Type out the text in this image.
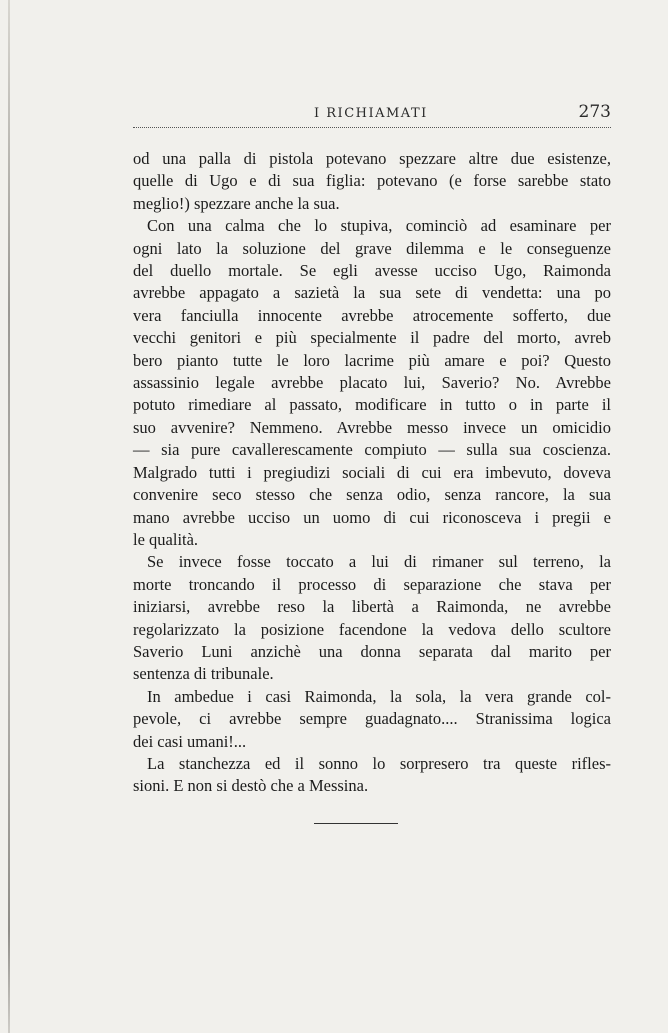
I RICHIAMATI	273
od una palla di pistola potevano spezzare altre due esistenze,
quelle di Ugo e di sua figlia: potevano (e forse sarebbe stato
meglio!) spezzare anche la sua.
Con una calma che lo stupiva, cominciò ad esaminare per
ogni lato la soluzione del grave dilemma e le conseguenze
del duello mortale. Se egli avesse ucciso Ugo, Raimonda
avrebbe appagato a sazietà la sua sete di vendetta: una po
vera fanciulla innocente avrebbe atrocemente sofferto, due
vecchi genitori e più specialmente il padre del morto, avreb
bero pianto tutte le loro lacrime più amare e poi? Questo
assassinio legale avrebbe placato lui, Saverio? No. Avrebbe
potuto rimediare al passato, modificare in tutto o in parte il
suo avvenire? Nemmeno. Avrebbe messo invece un omicidio
— sia pure cavallerescamente compiuto — sulla sua coscienza.
Malgrado tutti i pregiudizi sociali di cui era imbevuto, doveva
convenire seco stesso che senza odio, senza rancore, la sua
mano avrebbe ucciso un uomo di cui riconosceva i pregii e
le qualità.
Se invece fosse toccato a lui di rimaner sul terreno, la
morte troncando il processo di separazione che stava per
iniziarsi, avrebbe reso la libertà a Raimonda, ne avrebbe
regolarizzato la posizione facendone la vedova dello scultore
Saverio Luni anzichè una donna separata dal marito per
sentenza di tribunale.
In ambedue i casi Raimonda, la sola, la vera grande col-
pevole, ci avrebbe sempre guadagnato.... Stranissima logica
dei casi umani!...
La stanchezza ed il sonno lo sorpresero tra queste rifles-
sioni. E non si destò che a Messina.
